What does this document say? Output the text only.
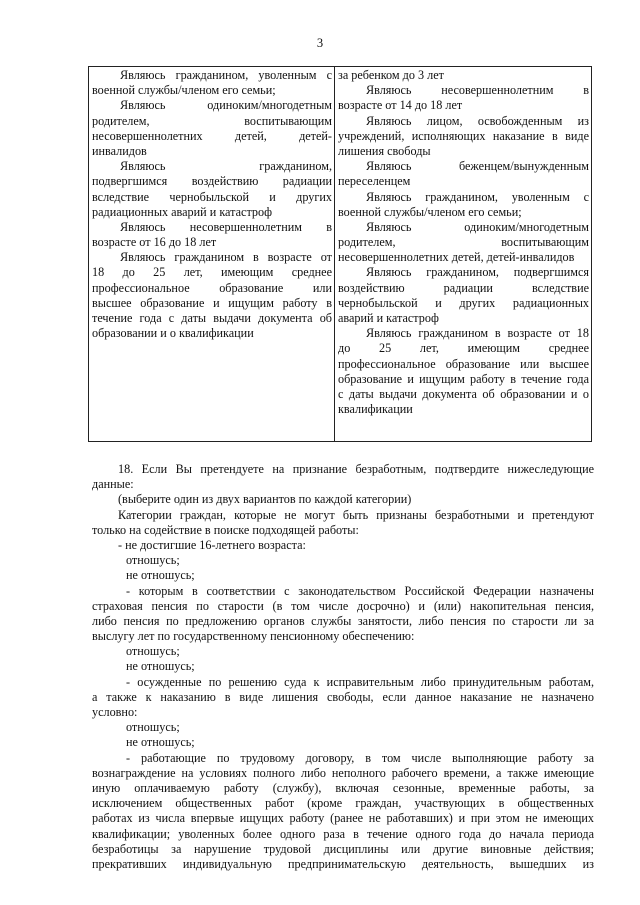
3
Являюсь гражданином, уволенным с
военной службы/членом его семьи;
Являюсь одиноким/многодетным
родителем, воспитывающим
несовершеннолетних детей, детей-
инвалидов
Являюсь гражданином,
подвергшимся воздействию радиации
вследствие чернобыльской и других
радиационных аварий и катастроф
Являюсь несовершеннолетним в
возрасте от 16 до 18 лет
Являюсь гражданином в возрасте от
18 до 25 лет, имеющим среднее
профессиональное образование или
высшее образование и ищущим работу в
течение года с даты выдачи документа об
образовании и о квалификации
за ребенком до 3 лет
Являюсь несовершеннолетним в
возрасте от 14 до 18 лет
Являюсь лицом, освобожденным из
учреждений, исполняющих наказание в виде
лишения свободы
Являюсь беженцем/вынужденным
переселенцем
Являюсь гражданином, уволенным с
военной службы/членом его семьи;
Являюсь одиноким/многодетным
родителем, воспитывающим
несовершеннолетних детей, детей-инвалидов
Являюсь гражданином, подвергшимся
воздействию радиации вследствие
чернобыльской и других радиационных
аварий и катастроф
Являюсь гражданином в возрасте от 18
до 25 лет, имеющим среднее
профессиональное образование или высшее
образование и ищущим работу в течение года
с даты выдачи документа об образовании и о
квалификации
18. Если Вы претендуете на признание безработным, подтвердите нижеследующие
данные:
(выберите один из двух вариантов по каждой категории)
Категории граждан, которые не могут быть признаны безработными и претендуют
только на содействие в поиске подходящей работы:
- не достигшие 16-летнего возраста:
отношусь;
не отношусь;
- которым в соответствии с законодательством Российской Федерации назначены
страховая пенсия по старости (в том числе досрочно) и (или) накопительная пенсия,
либо пенсия по предложению органов службы занятости, либо пенсия по старости ли за
выслугу лет по государственному пенсионному обеспечению:
отношусь;
не отношусь;
- осужденные по решению суда к исправительным либо принудительным работам,
а также к наказанию в виде лишения свободы, если данное наказание не назначено
условно:
отношусь;
не отношусь;
- работающие по трудовому договору, в том числе выполняющие работу за
вознаграждение на условиях полного либо неполного рабочего времени, а также имеющие
иную оплачиваемую работу (службу), включая сезонные, временные работы, за
исключением общественных работ (кроме граждан, участвующих в общественных
работах из числа впервые ищущих работу (ранее не работавших) и при этом не имеющих
квалификации; уволенных более одного раза в течение одного года до начала периода
безработицы за нарушение трудовой дисциплины или другие виновные действия;
прекративших индивидуальную предпринимательскую деятельность, вышедших из
